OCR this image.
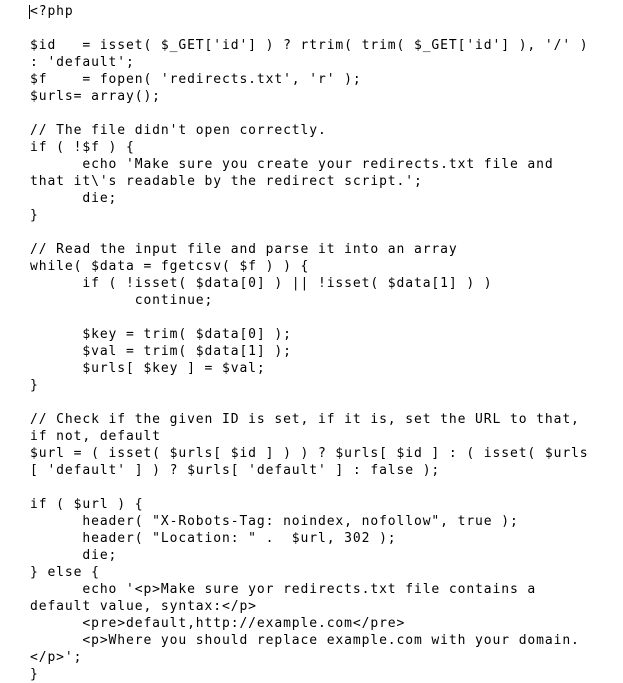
<?php
$id   = isset( $_GET['id'] ) ? rtrim( trim( $_GET['id'] ), '/' )
: 'default';
$f    = fopen( 'redirects.txt', 'r' );
$urls= array();
// The file didn't open correctly.
if ( !$f ) {
echo 'Make sure you create your redirects.txt file and
that it\'s readable by the redirect script.';
die;
}
// Read the input file and parse it into an array
while( $data = fgetcsv( $f ) ) {
if ( !isset( $data[0] ) || !isset( $data[1] ) )
continue;
$key = trim( $data[0] );
$val = trim( $data[1] );
$urls[ $key ] = $val;
}
// Check if the given ID is set, if it is, set the URL to that,
if not, default
$url = ( isset( $urls[ $id ] ) ) ? $urls[ $id ] : ( isset( $urls
[ 'default' ] ) ? $urls[ 'default' ] : false );
if ( $url ) {
header( "X-Robots-Tag: noindex, nofollow", true );
header( "Location: " .  $url, 302 );
die;
} else {
echo '<p>Make sure yor redirects.txt file contains a
default value, syntax:</p>
<pre>default,http://example.com</pre>
<p>Where you should replace example.com with your domain.
</p>';
}
